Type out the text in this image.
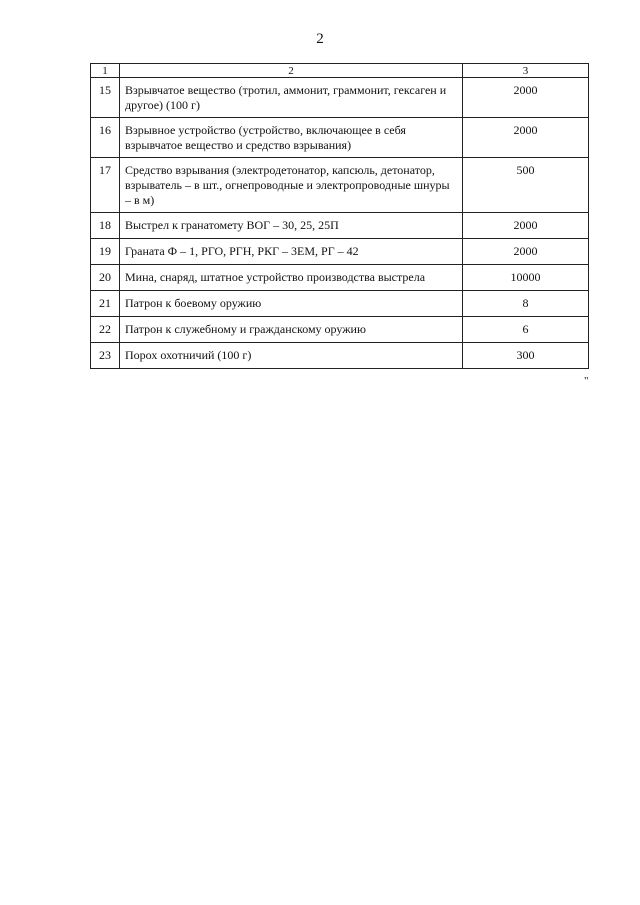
2
1	2	3
15	Взрывчатое вещество (тротил, аммонит, граммонит, гексаген и другое) (100 г)	2000
16	Взрывное устройство (устройство, включающее в себя взрывчатое вещество и средство взрывания)	2000
17	Средство взрывания (электродетонатор, капсюль, детонатор, взрыватель – в шт., огнепроводные и электропроводные шнуры – в м)	500
18	Выстрел к гранатомету ВОГ – 30, 25, 25П	2000
19	Граната Ф – 1, РГО, РГН, РКГ – 3ЕМ, РГ – 42	2000
20	Мина, снаряд, штатное устройство производства выстрела	10000
21	Патрон к боевому оружию	8
22	Патрон к служебному и гражданскому оружию	6
23	Порох охотничий (100 г)	300
"
